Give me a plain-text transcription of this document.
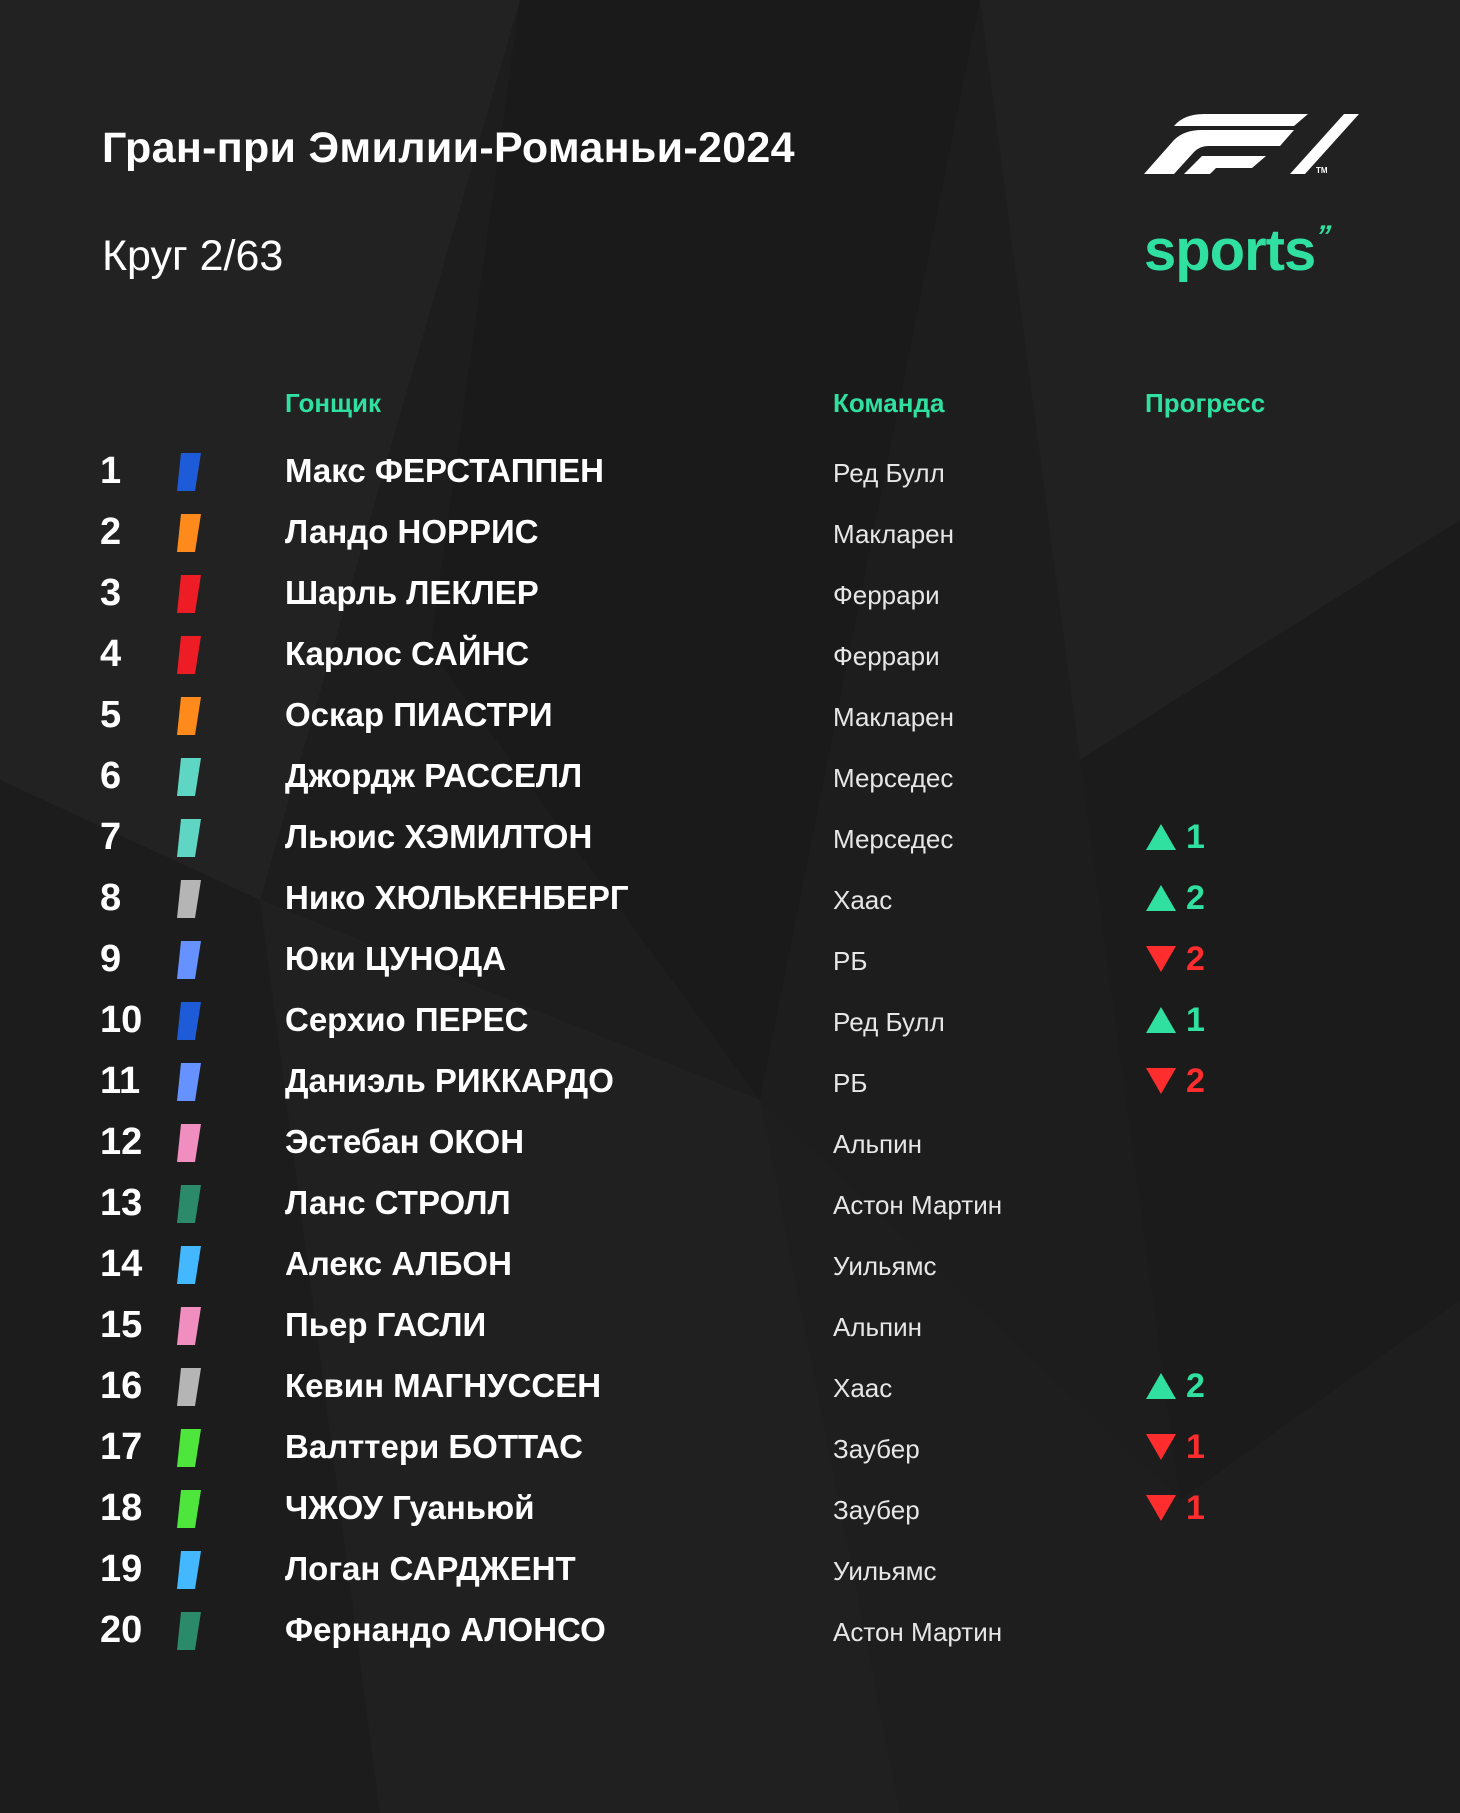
Гран-при Эмилии-Романьи-2024
Круг 2/63
TM
sports’’
Гонщик	Команда	Прогресс
1	Макс ФЕРСТАППЕН	Ред Булл
2	Ландо НОРРИС	Макларен
3	Шарль ЛЕКЛЕР	Феррари
4	Карлос САЙНС	Феррари
5	Оскар ПИАСТРИ	Макларен
6	Джордж РАССЕЛЛ	Мерседес
7	Льюис ХЭМИЛТОН	Мерседес	1
8	Нико ХЮЛЬКЕНБЕРГ	Хаас	2
9	Юки ЦУНОДА	РБ	2
10	Серхио ПЕРЕС	Ред Булл	1
11	Даниэль РИККАРДО	РБ	2
12	Эстебан ОКОН	Альпин
13	Ланс СТРОЛЛ	Астон Мартин
14	Алекс АЛБОН	Уильямс
15	Пьер ГАСЛИ	Альпин
16	Кевин МАГНУССЕН	Хаас	2
17	Валттери БОТТАС	Заубер	1
18	ЧЖОУ Гуаньюй	Заубер	1
19	Логан САРДЖЕНТ	Уильямс
20	Фернандо АЛОНСО	Астон Мартин
